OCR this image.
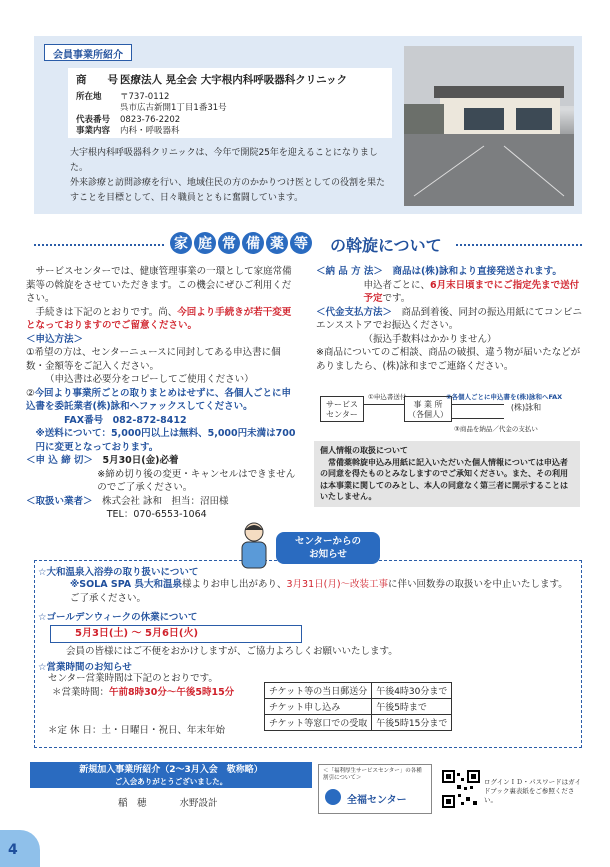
会員事業所紹介
商　　号 医療法人 晃全会 大宇根内科呼吸器科クリニック
所在地 〒737-0112
呉市広古新開1丁目1番31号
代表番号 0823-76-2202
事業内容 内科・呼吸器科
大宇根内科呼吸器科クリニックは、今年で開院25年を迎えることになりました。
外来診療と訪問診療を行い、地域住民の方のかかりつけ医としての役割を果たすことを目標として、日々職員とともに奮闘しています。
家 庭 常 備 薬 等 の斡旋について

サービスセンターでは、健康管理事業の一環として家庭常備薬等の斡旋をさせていただきます。この機会にぜひご利用ください。

手続きは下記のとおりです。尚、今回より手続きが若干変更となっておりますのでご留意ください。

＜申込方法＞

①希望の方は、センターニュースに同封してある申込書に個数・金額等をご記入ください。

（申込書は必要分をコピーしてご使用ください）

②今回より事業所ごとの取りまとめはせずに、各個人ごとに申込書を委託業者(株)詠和へファックスしてください。

FAX番号　082-872-8412

※送料について：5,000円以上は無料、5,000円未満は700円に変更となっております。

＜申 込 締 切＞　 5月30日(金)必着

※締め切り後の変更・キャンセルはできませんのでご了承ください。

＜取扱い業者＞　 株式会社 詠和　担当：沼田様

TEL：070-6553-1064

＜納 品 方 法＞　 商品は(株)詠和より直接発送されます。

申込者ごとに、6月末日頃までにご指定先まで送付予定です。

＜代金支払方法＞　 商品到着後、同封の振込用紙にてコンビニエンスストアでお振込ください。

（振込手数料はかかりません）

※商品についてのご相談、商品の破損、違う物が届いたなどがありましたら、(株)詠和までご連絡ください。

サービス
センター
事 業 所
（各個人）
(株)詠和
①申込書送付	②各個人ごとに申込書を(株)詠和へFAX
③商品を納品／代金の支払い
個人情報の取扱について
常備薬斡旋申込み用紙に記入いただいた個人情報については申込者の同意を得たものとみなしますのでご承知ください。また、その利用は本事業に関してのみとし、本人の同意なく第三者に開示することはいたしません。
センターからの
お知らせ
☆大和温泉入浴券の取り扱いについて
※SOLA SPA 呉大和温泉様よりお申し出があり、3月31日(月)～改装工事に伴い回数券の取扱いを中止いたします。ご了承ください。
☆ゴールデンウィークの休業について
5月3日(土) ～ 5月6日(火)
会員の皆様にはご不便をおかけしますが、ご協力よろしくお願いいたします。
☆営業時間のお知らせ
センター営業時間は下記のとおりです。
＊営業時間：午前8時30分～午後5時15分	チケット等の当日郵送分	午後4時30分まで
チケット申し込み	午後5時まで
チケット等窓口での受取	午後5時15分まで
＊定 休 日：土・日曜日・祝日、年末年始
新規加入事業所紹介（2～3月入会　敬称略）
ご入会ありがとうございました。
稲　穂	水野設計
＜「福利厚生サービスセンター」の各種割引について＞
全福センター
ログインＩＤ・パスワードはガイドブック裏表紙をご参照ください。
4
